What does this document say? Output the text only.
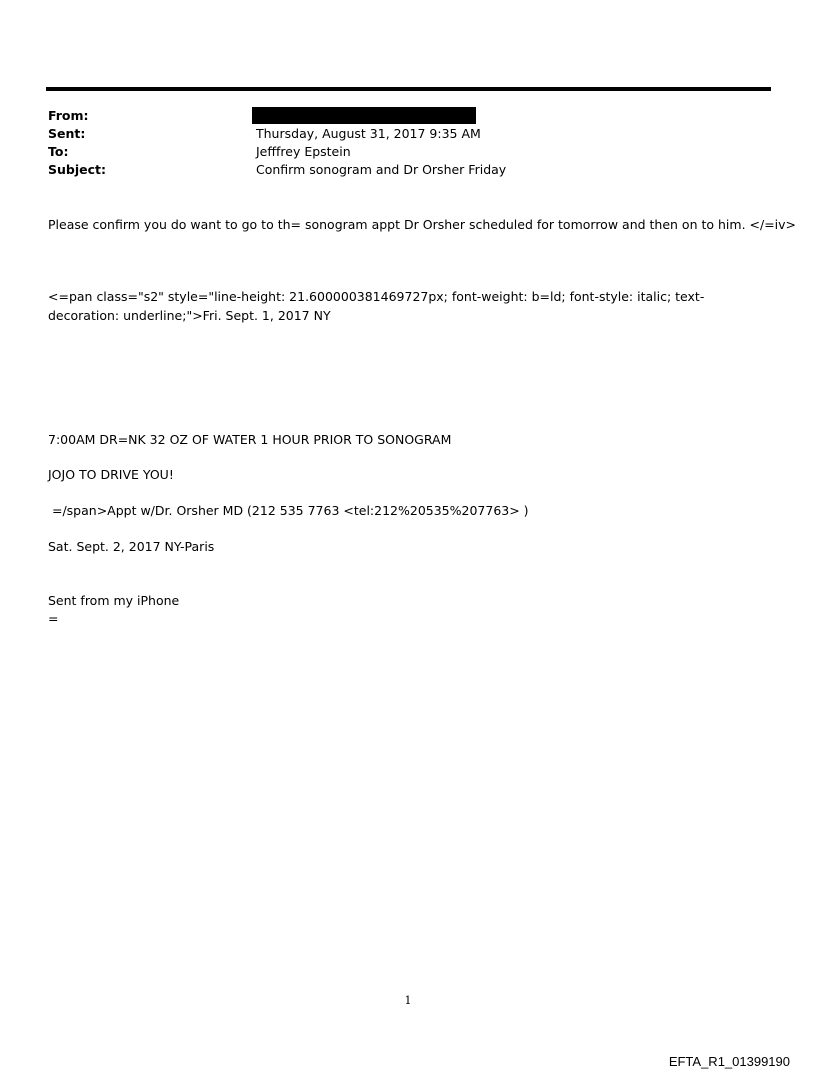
From:
Sent:	Thursday, August 31, 2017 9:35 AM
To:	Jefffrey Epstein
Subject:	Confirm sonogram and Dr Orsher Friday
Please confirm you do want to go to th= sonogram appt Dr Orsher scheduled for tomorrow and then on to him. </=iv>
<=pan class="s2" style="line-height: 21.600000381469727px; font-weight: b=ld; font-style: italic; text-decoration: underline;">Fri. Sept. 1, 2017 NY
7:00AM DR=NK 32 OZ OF WATER 1 HOUR PRIOR TO SONOGRAM
JOJO TO DRIVE YOU!
=/span>Appt w/Dr. Orsher MD (212 535 7763 <tel:212%20535%207763> )
Sat. Sept. 2, 2017 NY-Paris
Sent from my iPhone
=
1
EFTA_R1_01399190
